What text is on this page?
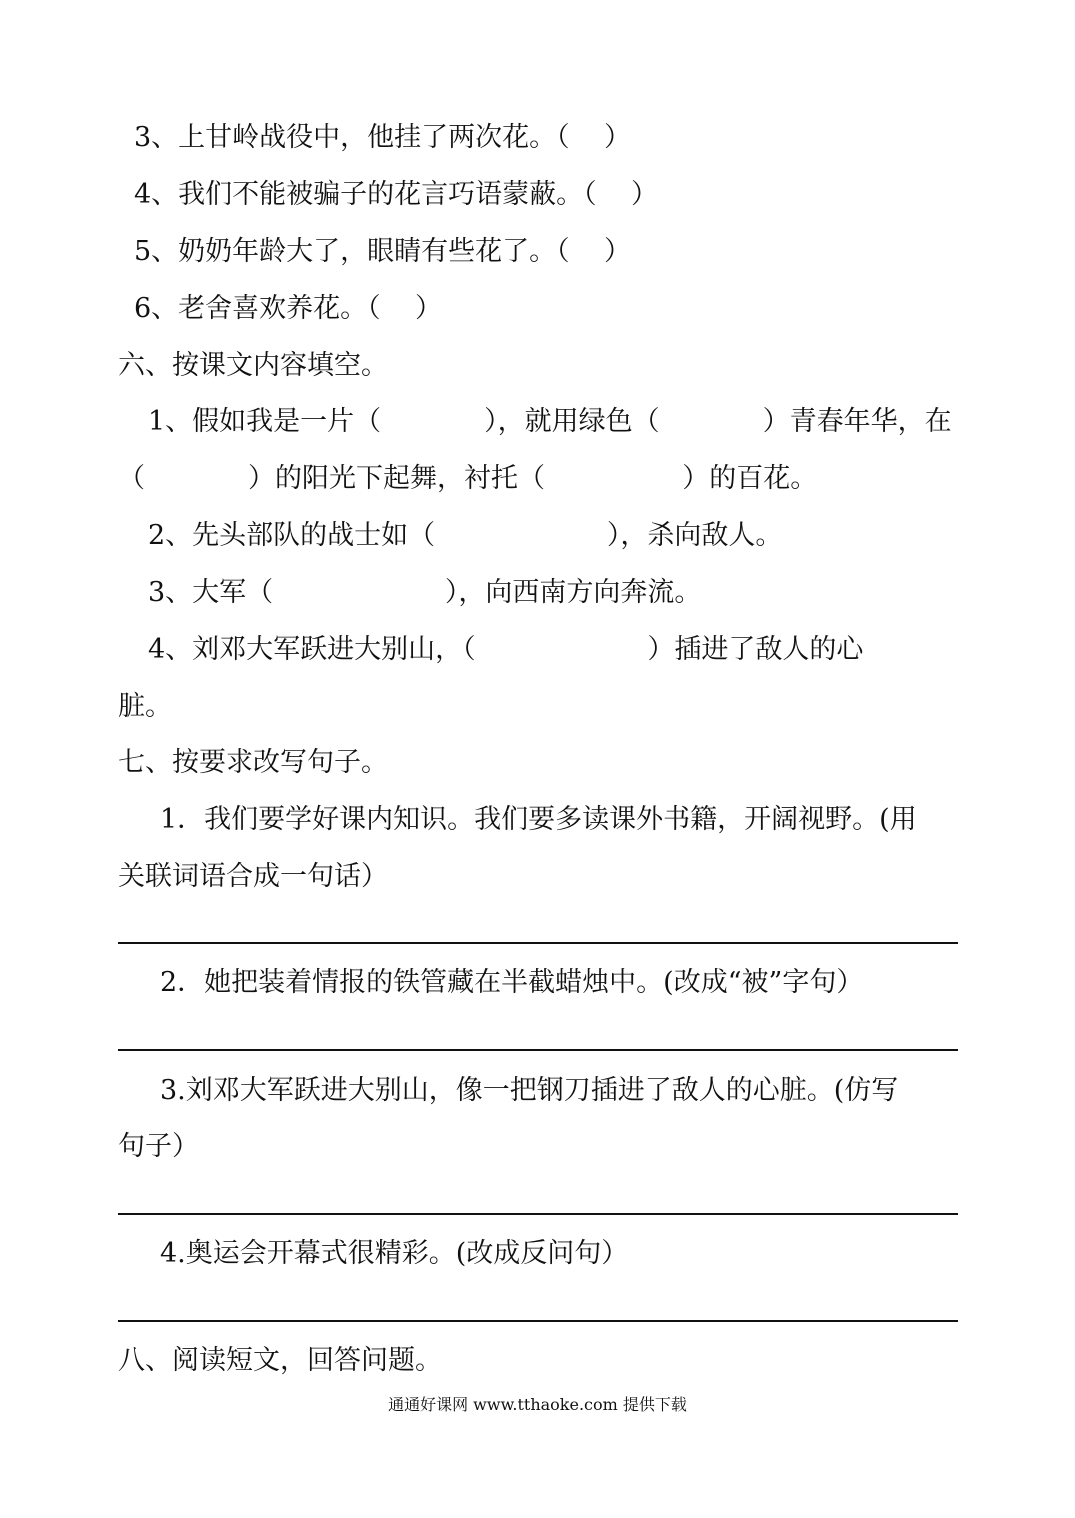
3、上甘岭战役中，他挂了两次花。（    ）
4、我们不能被骗子的花言巧语蒙蔽。（    ）
5、奶奶年龄大了，眼睛有些花了。（    ）
6、老舍喜欢养花。（    ）
六、按课文内容填空。
1、假如我是一片（            ），就用绿色（            ）青春年华，在
（            ）的阳光下起舞，衬托（                ）的百花。
2、先头部队的战士如（                    ），杀向敌人。
3、大军（                    ），向西南方向奔流。
4、刘邓大军跃进大别山，（                    ）插进了敌人的心
脏。
七、按要求改写句子。
1．我们要学好课内知识。我们要多读课外书籍，开阔视野。(用
关联词语合成一句话）
2．她把装着情报的铁管藏在半截蜡烛中。(改成“被”字句）
3.刘邓大军跃进大别山，像一把钢刀插进了敌人的心脏。(仿写
句子）
4.奥运会开幕式很精彩。(改成反问句）
八、阅读短文，回答问题。
通通好课网 www.tthaoke.com 提供下载
